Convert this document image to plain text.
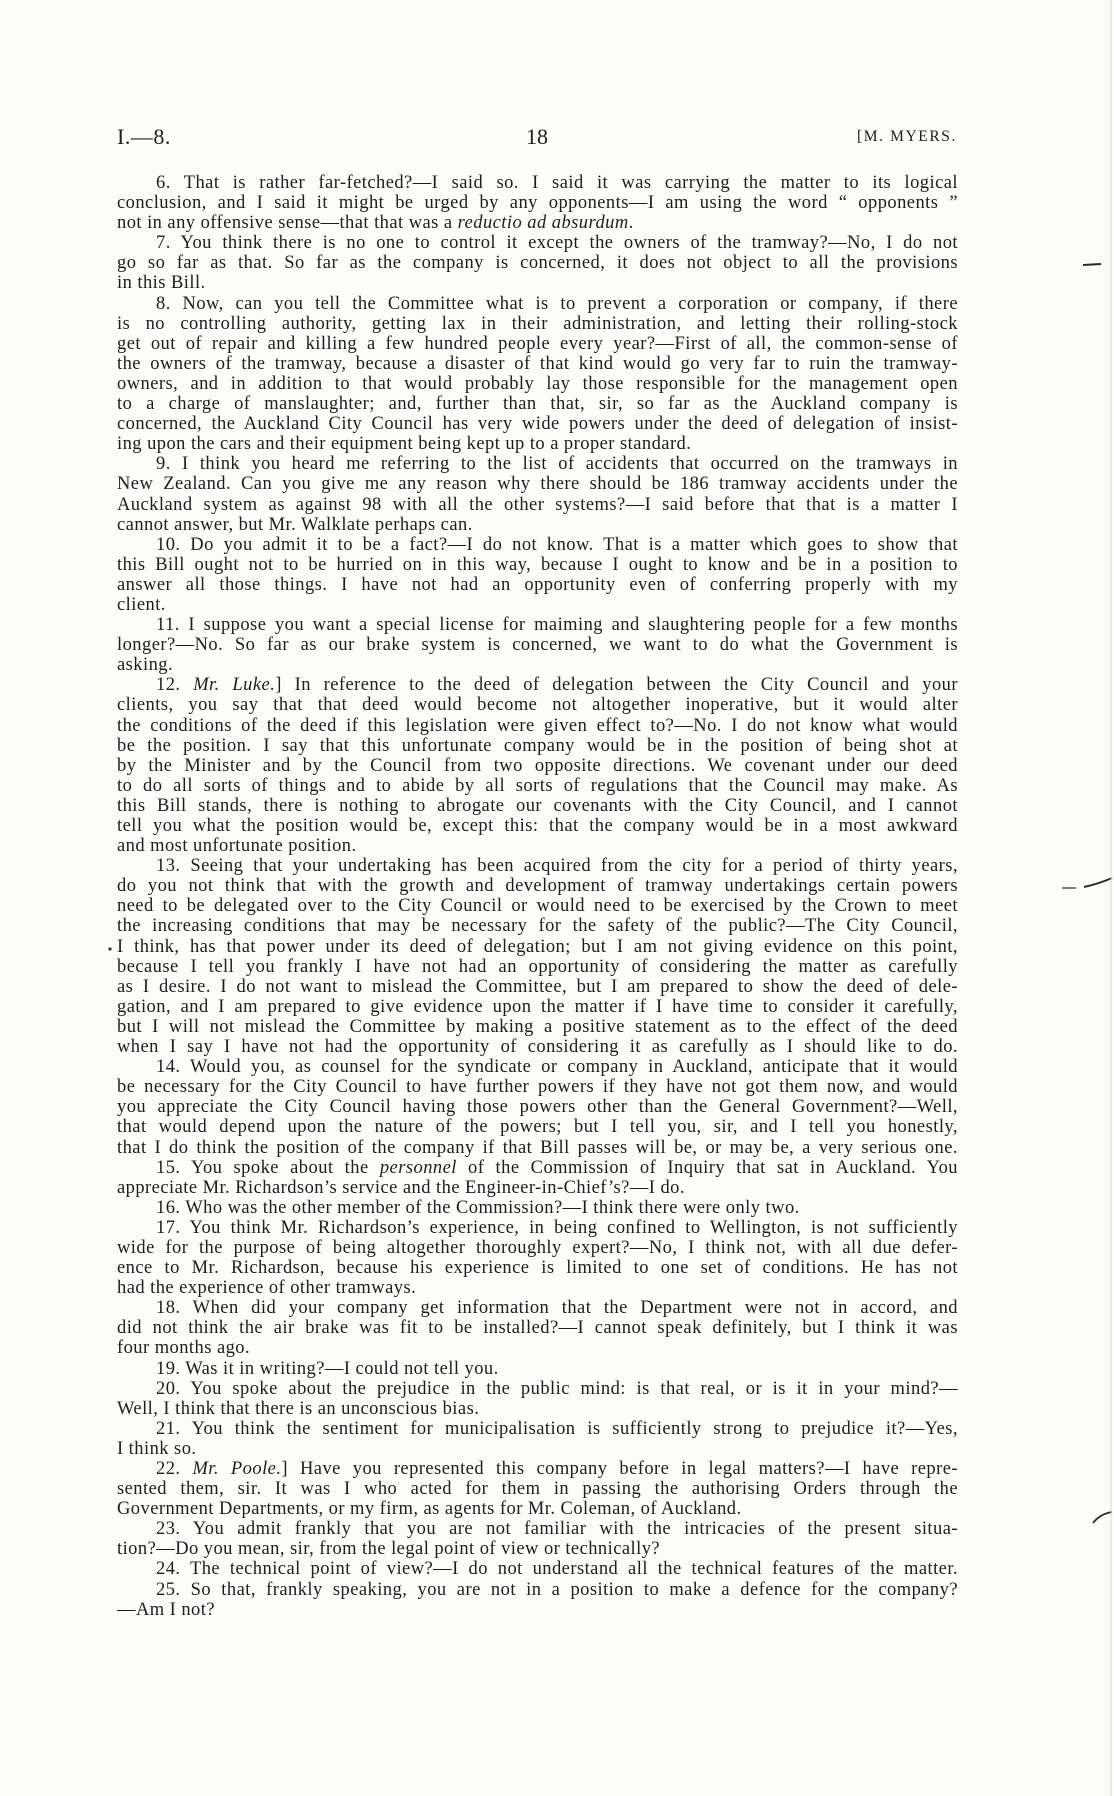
I.—8.	18	[M. MYERS.
6. That is rather far-fetched?—I said so. I said it was carrying the matter to its logical
conclusion, and I said it might be urged by any opponents—I am using the word “ opponents ”
not in any offensive sense—that that was a reductio ad absurdum.
7. You think there is no one to control it except the owners of the tramway?—No, I do not
go so far as that. So far as the company is concerned, it does not object to all the provisions
in this Bill.
8. Now, can you tell the Committee what is to prevent a corporation or company, if there
is no controlling authority, getting lax in their administration, and letting their rolling-stock
get out of repair and killing a few hundred people every year?—First of all, the common-sense of
the owners of the tramway, because a disaster of that kind would go very far to ruin the tramway-
owners, and in addition to that would probably lay those responsible for the management open
to a charge of manslaughter; and, further than that, sir, so far as the Auckland company is
concerned, the Auckland City Council has very wide powers under the deed of delegation of insist-
ing upon the cars and their equipment being kept up to a proper standard.
9. I think you heard me referring to the list of accidents that occurred on the tramways in
New Zealand. Can you give me any reason why there should be 186 tramway accidents under the
Auckland system as against 98 with all the other systems?—I said before that that is a matter I
cannot answer, but Mr. Walklate perhaps can.
10. Do you admit it to be a fact?—I do not know. That is a matter which goes to show that
this Bill ought not to be hurried on in this way, because I ought to know and be in a position to
answer all those things. I have not had an opportunity even of conferring properly with my
client.
11. I suppose you want a special license for maiming and slaughtering people for a few months
longer?—No. So far as our brake system is concerned, we want to do what the Government is
asking.
12. Mr. Luke.] In reference to the deed of delegation between the City Council and your
clients, you say that that deed would become not altogether inoperative, but it would alter
the conditions of the deed if this legislation were given effect to?—No. I do not know what would
be the position. I say that this unfortunate company would be in the position of being shot at
by the Minister and by the Council from two opposite directions. We covenant under our deed
to do all sorts of things and to abide by all sorts of regulations that the Council may make. As
this Bill stands, there is nothing to abrogate our covenants with the City Council, and I cannot
tell you what the position would be, except this: that the company would be in a most awkward
and most unfortunate position.
13. Seeing that your undertaking has been acquired from the city for a period of thirty years,
do you not think that with the growth and development of tramway undertakings certain powers
need to be delegated over to the City Council or would need to be exercised by the Crown to meet
the increasing conditions that may be necessary for the safety of the public?—The City Council,
I think, has that power under its deed of delegation; but I am not giving evidence on this point,
because I tell you frankly I have not had an opportunity of considering the matter as carefully
as I desire. I do not want to mislead the Committee, but I am prepared to show the deed of dele-
gation, and I am prepared to give evidence upon the matter if I have time to consider it carefully,
but I will not mislead the Committee by making a positive statement as to the effect of the deed
when I say I have not had the opportunity of considering it as carefully as I should like to do.
14. Would you, as counsel for the syndicate or company in Auckland, anticipate that it would
be necessary for the City Council to have further powers if they have not got them now, and would
you appreciate the City Council having those powers other than the General Government?—Well,
that would depend upon the nature of the powers; but I tell you, sir, and I tell you honestly,
that I do think the position of the company if that Bill passes will be, or may be, a very serious one.
15. You spoke about the personnel of the Commission of Inquiry that sat in Auckland. You
appreciate Mr. Richardson’s service and the Engineer-in-Chief’s?—I do.
16. Who was the other member of the Commission?—I think there were only two.
17. You think Mr. Richardson’s experience, in being confined to Wellington, is not sufficiently
wide for the purpose of being altogether thoroughly expert?—No, I think not, with all due defer-
ence to Mr. Richardson, because his experience is limited to one set of conditions. He has not
had the experience of other tramways.
18. When did your company get information that the Department were not in accord, and
did not think the air brake was fit to be installed?—I cannot speak definitely, but I think it was
four months ago.
19. Was it in writing?—I could not tell you.
20. You spoke about the prejudice in the public mind: is that real, or is it in your mind?—
Well, I think that there is an unconscious bias.
21. You think the sentiment for municipalisation is sufficiently strong to prejudice it?—Yes,
I think so.
22. Mr. Poole.] Have you represented this company before in legal matters?—I have repre-
sented them, sir. It was I who acted for them in passing the authorising Orders through the
Government Departments, or my firm, as agents for Mr. Coleman, of Auckland.
23. You admit frankly that you are not familiar with the intricacies of the present situa-
tion?—Do you mean, sir, from the legal point of view or technically?
24. The technical point of view?—I do not understand all the technical features of the matter.
25. So that, frankly speaking, you are not in a position to make a defence for the company?
—Am I not?
